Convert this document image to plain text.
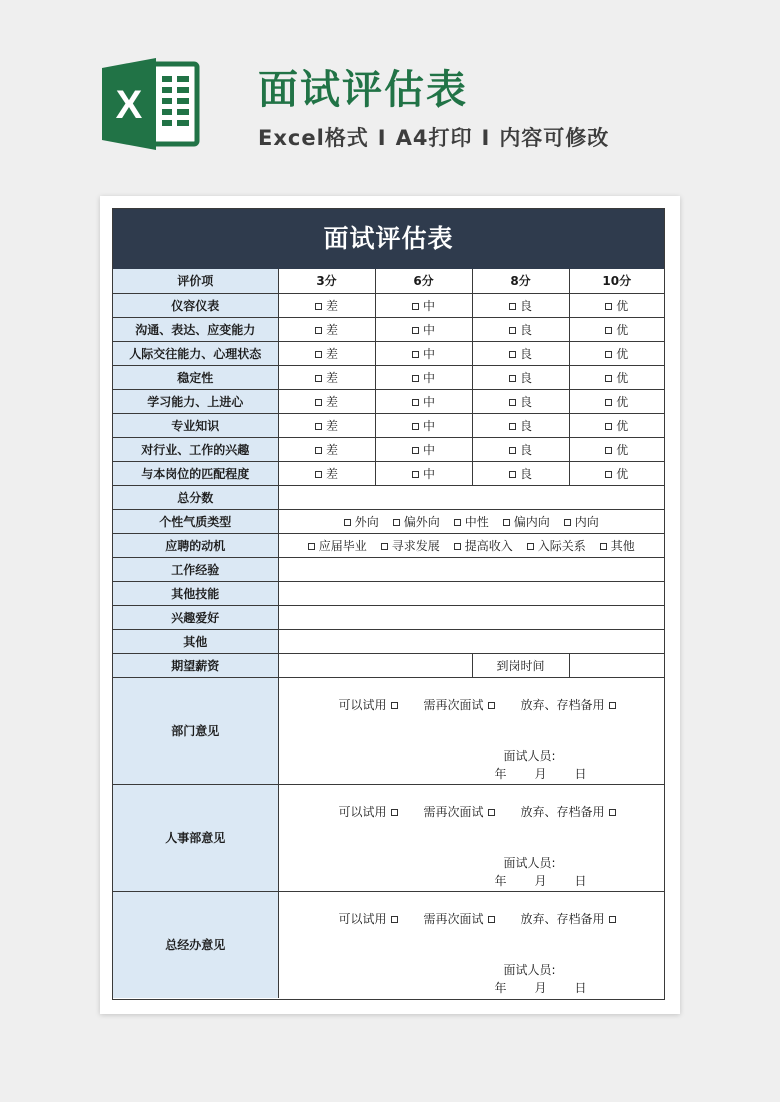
X	面试评估表
Excel格式 I A4打印 I 内容可修改
面试评估表
评价项	3分	6分	8分	10分
仪容仪表	差	中	良	优
沟通、表达、应变能力	差	中	良	优
人际交往能力、心理状态	差	中	良	优
稳定性	差	中	良	优
学习能力、上进心	差	中	良	优
专业知识	差	中	良	优
对行业、工作的兴趣	差	中	良	优
与本岗位的匹配程度	差	中	良	优
总分数				
个性气质类型	外向 偏外向 中性 偏内向 内向			
应聘的动机	应届毕业 寻求发展 提高收入 入际关系 其他			
工作经验				
其他技能				
兴趣爱好				
其他				
期望薪资			到岗时间	
部门意见	可以试用 需再次面试 放弃、存档备用
面试人员:
年 月 日			

人事部意见	可以试用 需再次面试 放弃、存档备用
面试人员:
年 月 日			

总经办意见	可以试用 需再次面试 放弃、存档备用
面试人员:
年 月 日			
